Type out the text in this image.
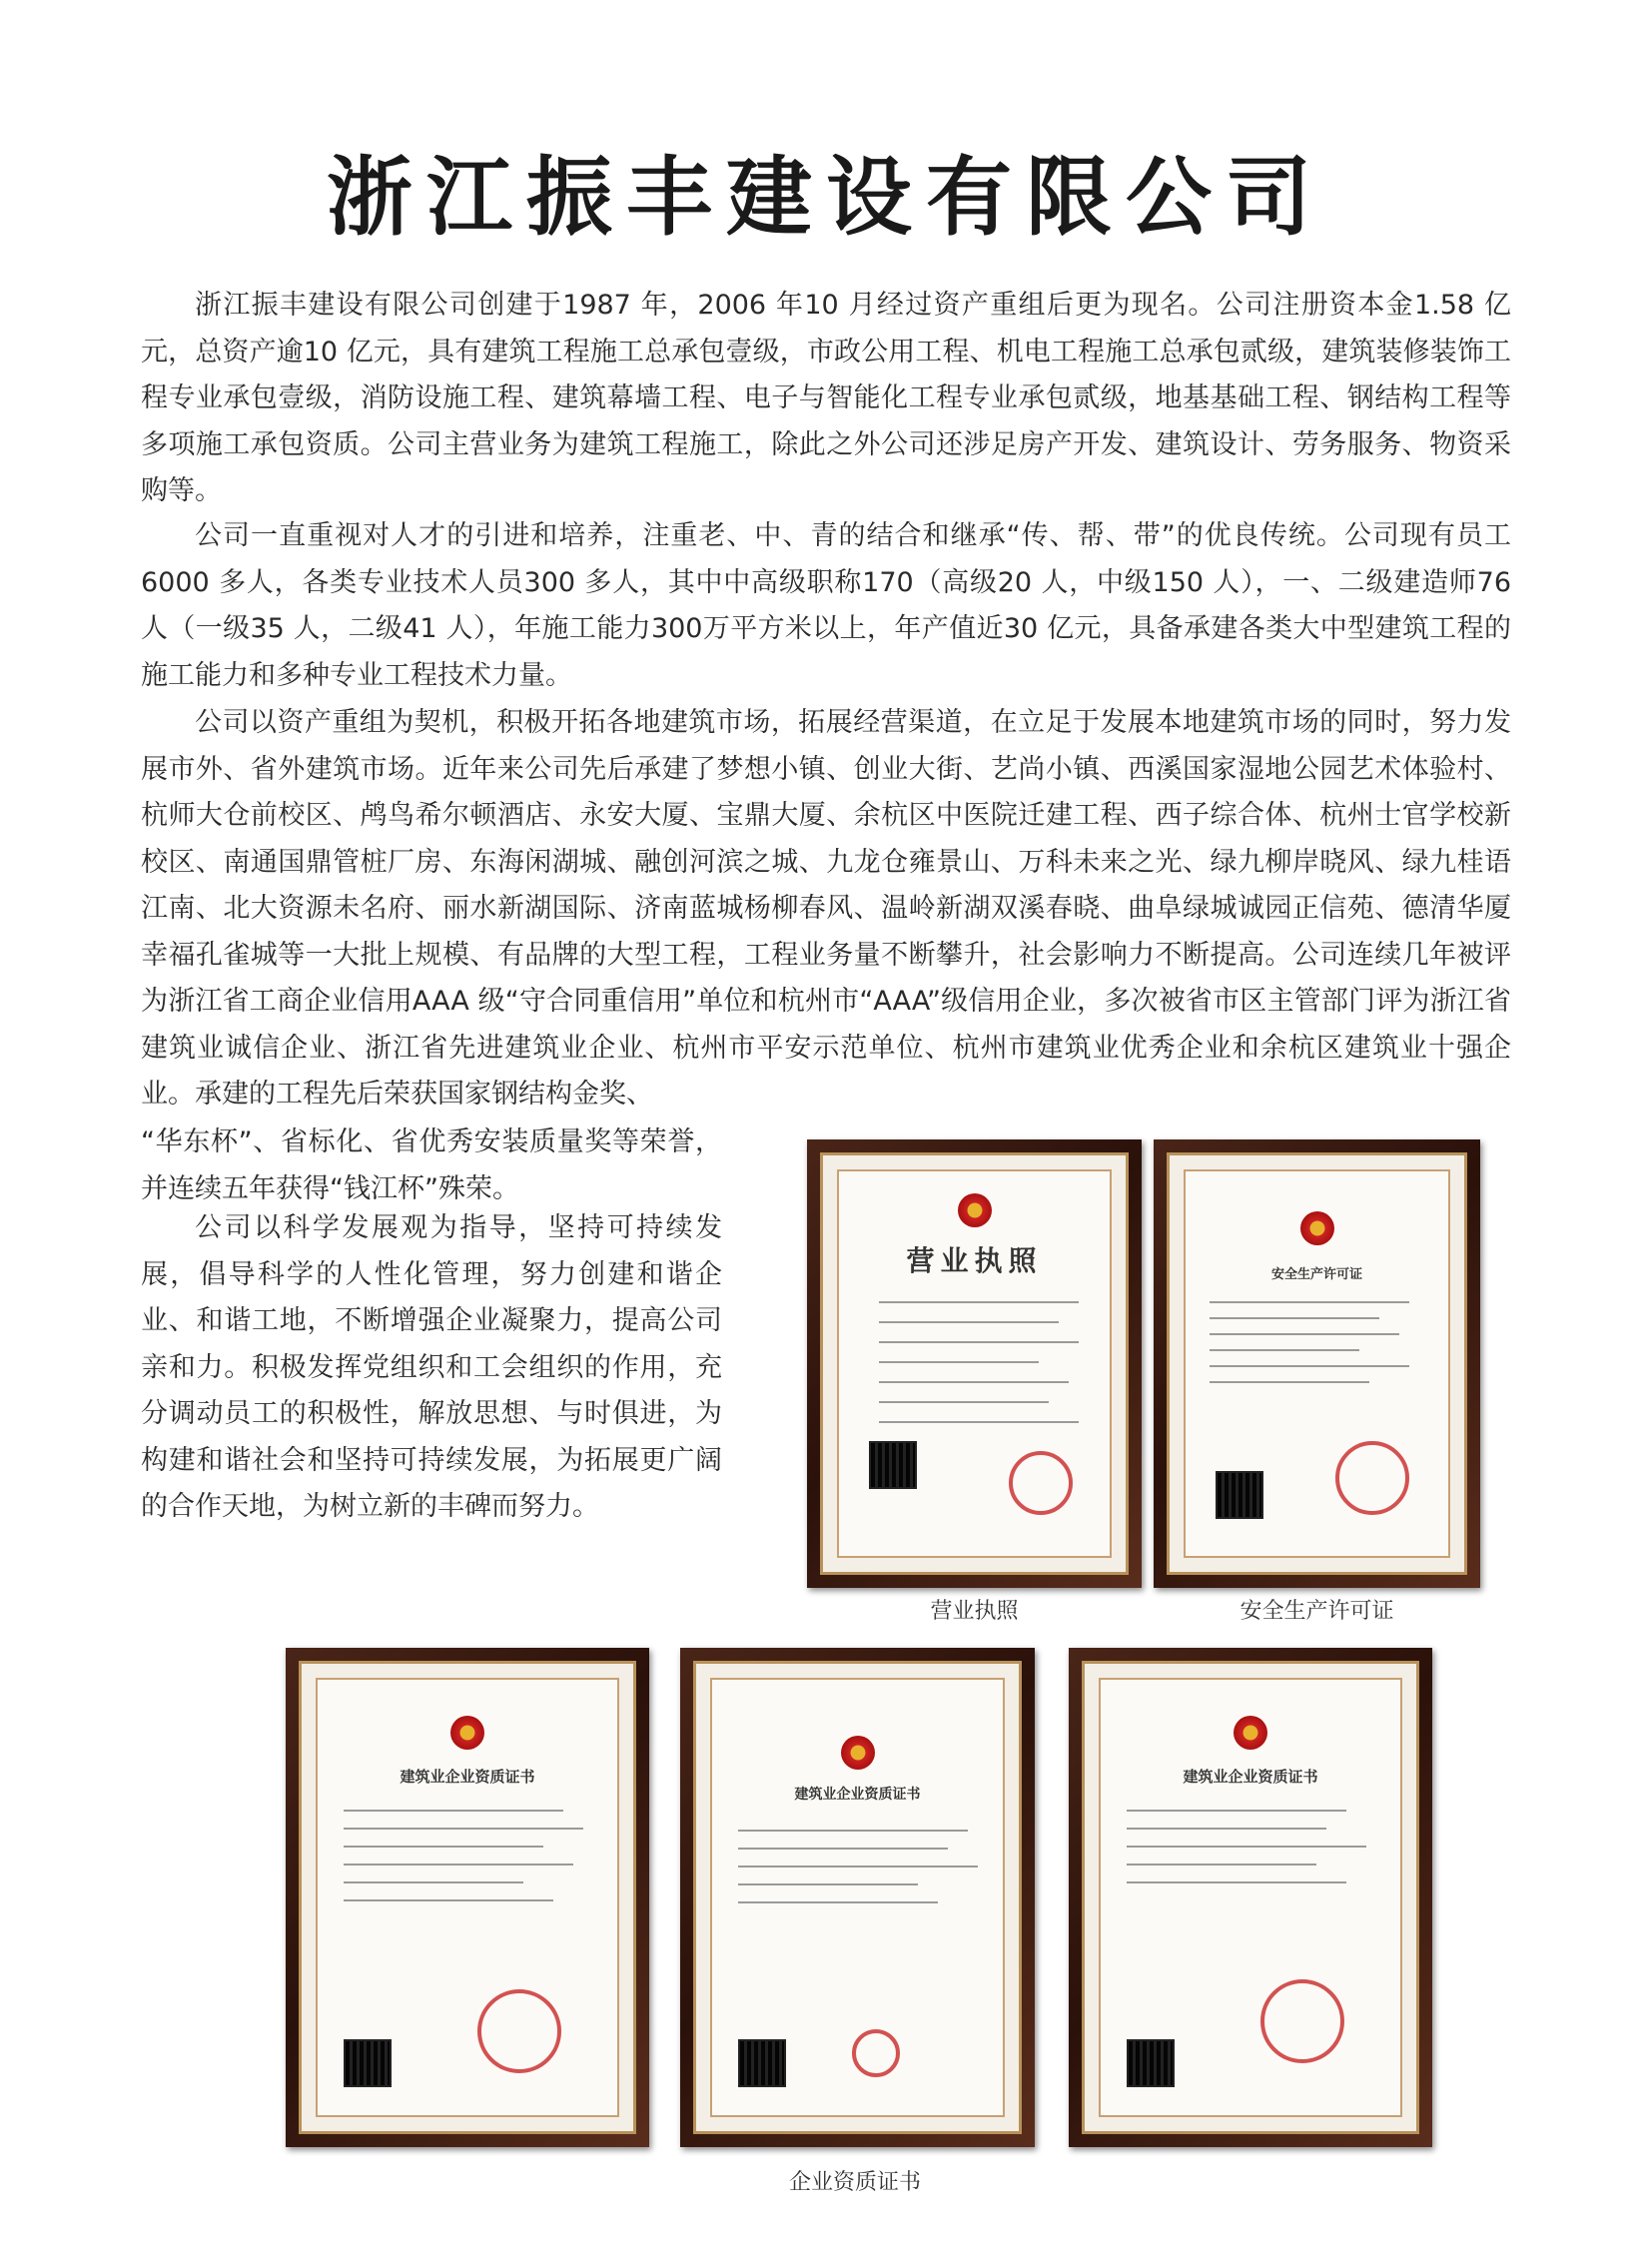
浙江振丰建设有限公司

浙江振丰建设有限公司创建于1987 年，2006 年10 月经过资产重组后更为现名。公司注册资本金1.58 亿元，总资产逾10 亿元，具有建筑工程施工总承包壹级，市政公用工程、机电工程施工总承包贰级，建筑装修装饰工程专业承包壹级，消防设施工程、建筑幕墙工程、电子与智能化工程专业承包贰级，地基基础工程、钢结构工程等多项施工承包资质。公司主营业务为建筑工程施工，除此之外公司还涉足房产开发、建筑设计、劳务服务、物资采购等。

公司一直重视对人才的引进和培养，注重老、中、青的结合和继承“传、帮、带”的优良传统。公司现有员工6000 多人，各类专业技术人员300 多人，其中中高级职称170（高级20 人，中级150 人），一、二级建造师76 人（一级35 人，二级41 人），年施工能力300万平方米以上，年产值近30 亿元，具备承建各类大中型建筑工程的施工能力和多种专业工程技术力量。

公司以资产重组为契机，积极开拓各地建筑市场，拓展经营渠道，在立足于发展本地建筑市场的同时，努力发展市外、省外建筑市场。近年来公司先后承建了梦想小镇、创业大街、艺尚小镇、西溪国家湿地公园艺术体验村、杭师大仓前校区、鸬鸟希尔顿酒店、永安大厦、宝鼎大厦、余杭区中医院迁建工程、西子综合体、杭州士官学校新校区、南通国鼎管桩厂房、东海闲湖城、融创河滨之城、九龙仓雍景山、万科未来之光、绿九柳岸晓风、绿九桂语江南、北大资源未名府、丽水新湖国际、济南蓝城杨柳春风、温岭新湖双溪春晓、曲阜绿城诚园正信苑、德清华厦幸福孔雀城等一大批上规模、有品牌的大型工程，工程业务量不断攀升，社会影响力不断提高。公司连续几年被评为浙江省工商企业信用AAA 级“守合同重信用”单位和杭州市“AAA”级信用企业，多次被省市区主管部门评为浙江省建筑业诚信企业、浙江省先进建筑业企业、杭州市平安示范单位、杭州市建筑业优秀企业和余杭区建筑业十强企业。承建的工程先后荣获国家钢结构金奖、

“华东杯”、省标化、省优秀安装质量奖等荣誉，并连续五年获得“钱江杯”殊荣。

公司以科学发展观为指导，坚持可持续发展，倡导科学的人性化管理，努力创建和谐企业、和谐工地，不断增强企业凝聚力，提高公司亲和力。积极发挥党组织和工会组织的作用，充分调动员工的积极性，解放思想、与时俱进，为构建和谐社会和坚持可持续发展，为拓展更广阔的合作天地，为树立新的丰碑而努力。

营业执照	安全生产许可证
营业执照	安全生产许可证
建筑业企业资质证书
建筑业企业资质证书
建筑业企业资质证书
企业资质证书
